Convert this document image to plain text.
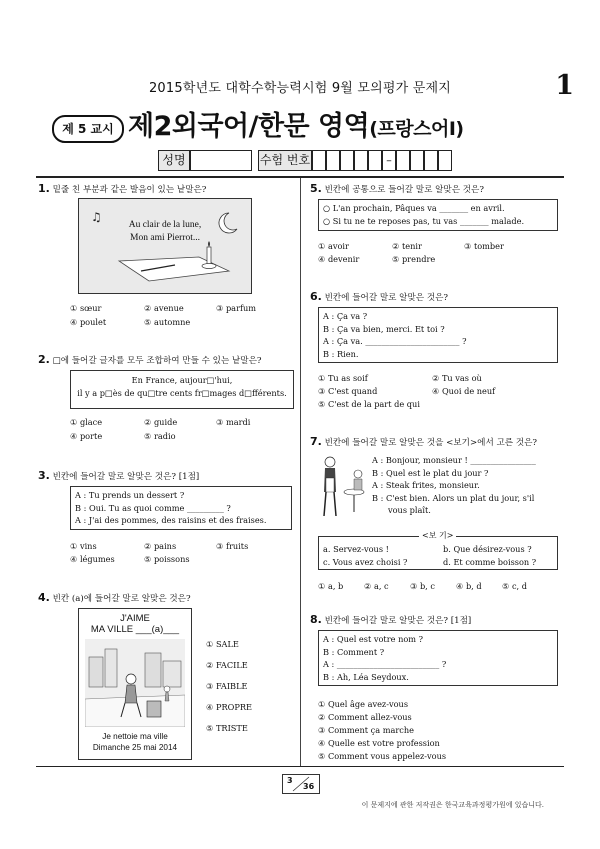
2015학년도 대학수학능력시험 9월 모의평가 문제지	1
제 5 교시 제2외국어/한문 영역(프랑스어Ⅰ)
성명	수험 번호	–
1. 밑줄 친 부분과 같은 발음이 있는 낱말은?
♫
Au clair de la lune,
Mon ami Pierrot...
① sœur	② avenue	③ parfum
④ poulet	⑤ automne
2. □에 들어갈 글자를 모두 조합하여 만들 수 있는 낱말은?
En France, aujour□'hui,
il y a p□ès de qu□tre cents fr□mages d□fférents.
① glace	② guide	③ mardi
④ porte	⑤ radio
3. 빈칸에 들어갈 말로 알맞은 것은? [1점]
A : Tu prends un dessert ?
B : Oui. Tu as quoi comme _________ ?
A : J'ai des pommes, des raisins et des fraises.
① vins	② pains	③ fruits
④ légumes	⑤ poissons
4. 빈칸 (a)에 들어갈 말로 알맞은 것은?
J'AIME
MA VILLE ___(a)___
Je nettoie ma ville
Dimanche 25 mai 2014
① SALE
② FACILE
③ FAIBLE
④ PROPRE
⑤ TRISTE
5. 빈칸에 공통으로 들어갈 말로 알맞은 것은?
○ L'an prochain, Pâques va _______ en avril.
○ Si tu ne te reposes pas, tu vas _______ malade.
① avoir	② tenir	③ tomber
④ devenir	⑤ prendre
6. 빈칸에 들어갈 말로 알맞은 것은?
A : Ça va ?
B : Ça va bien, merci. Et toi ?
A : Ça va. _______________________ ?
B : Rien.
① Tu as soif	② Tu vas où
③ C'est quand	④ Quoi de neuf
⑤ C'est de la part de qui
7. 빈칸에 들어갈 말로 알맞은 것을 <보기>에서 고른 것은?
A : Bonjour, monsieur ! ________________
B : Quel est le plat du jour ?
A : Steak frites, monsieur.
B : C'est bien. Alors un plat du jour, s'il
vous plaît.
<보 기>
a. Servez-vous !	b. Que désirez-vous ?
c. Vous avez choisi ?	d. Et comme boisson ?
① a, b	② a, c	③ b, c	④ b, d ⑤ c, d
8. 빈칸에 들어갈 말로 알맞은 것은? [1점]
A : Quel est votre nom ?
B : Comment ?
A : _________________________ ?
B : Ah, Léa Seydoux.
① Quel âge avez-vous
② Comment allez-vous
③ Comment ça marche
④ Quelle est votre profession
⑤ Comment vous appelez-vous
3
36
이 문제지에 관한 저작권은 한국교육과정평가원에 있습니다.
